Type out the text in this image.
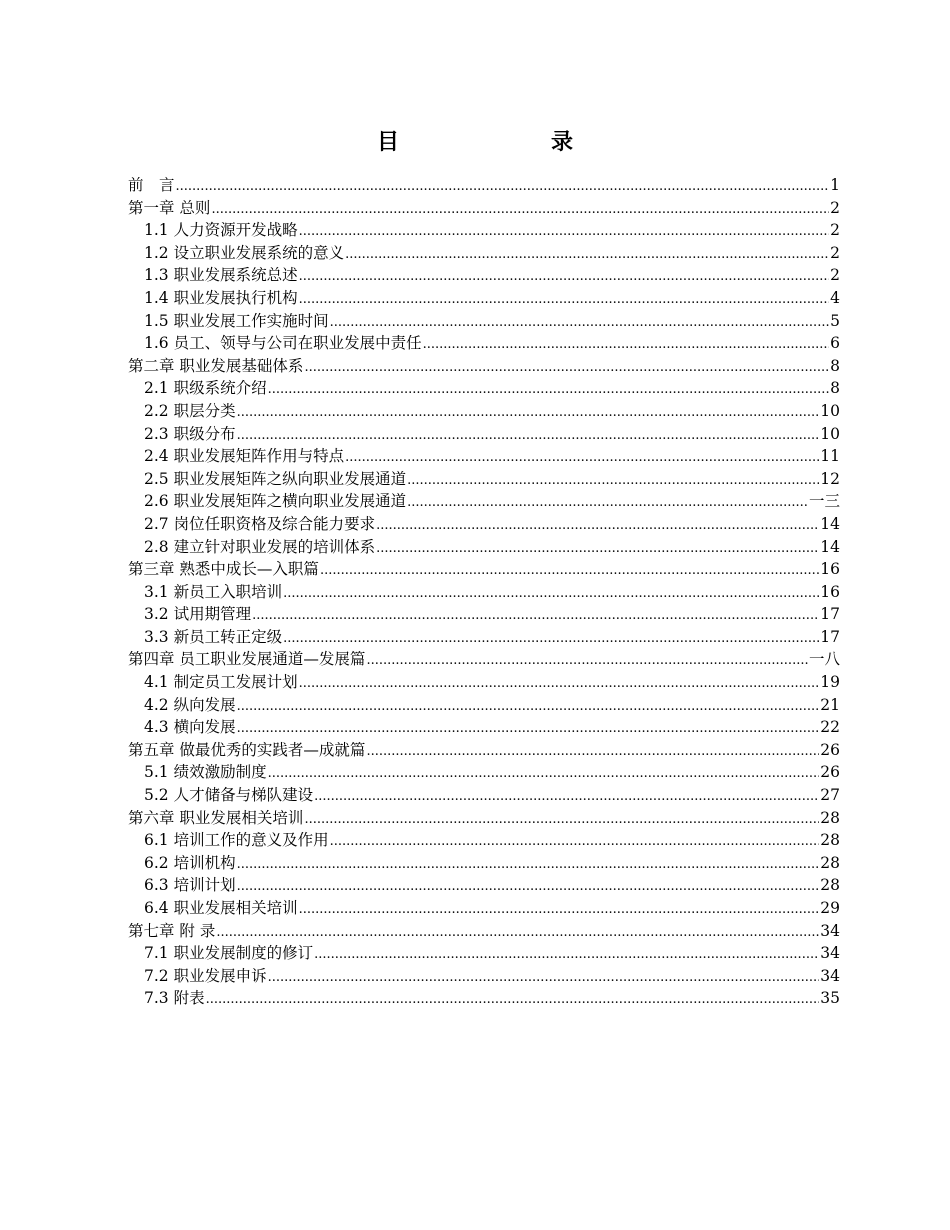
目	录
前　言 .....	1
第一章 总则 .....	2
1.1 人力资源开发战略 .....	2
1.2 设立职业发展系统的意义 .....	2
1.3 职业发展系统总述 .....	2
1.4 职业发展执行机构 .....	4
1.5 职业发展工作实施时间 .....	5
1.6 员工、领导与公司在职业发展中责任 .....	6
第二章 职业发展基础体系 .....	8
2.1 职级系统介绍 .....	8
2.2 职层分类 .....	10
2.3 职级分布 .....	10
2.4 职业发展矩阵作用与特点 .....	11
2.5 职业发展矩阵之纵向职业发展通道 .....	12
2.6 职业发展矩阵之横向职业发展通道 .....	一三
2.7 岗位任职资格及综合能力要求 .....	14
2.8 建立针对职业发展的培训体系 .....	14
第三章 熟悉中成长—入职篇 .....	16
3.1 新员工入职培训 .....	16
3.2 试用期管理 .....	17
3.3 新员工转正定级 .....	17
第四章 员工职业发展通道—发展篇 .....	一八
4.1 制定员工发展计划 .....	19
4.2 纵向发展 .....	21
4.3 横向发展 .....	22
第五章 做最优秀的实践者—成就篇 .....	26
5.1 绩效激励制度 .....	26
5.2 人才储备与梯队建设 .....	27
第六章 职业发展相关培训 .....	28
6.1 培训工作的意义及作用 .....	28
6.2 培训机构 .....	28
6.3 培训计划 .....	28
6.4 职业发展相关培训 .....	29
第七章 附 录 .....	34
7.1 职业发展制度的修订 .....	34
7.2 职业发展申诉 .....	34
7.3 附表 .....	35
